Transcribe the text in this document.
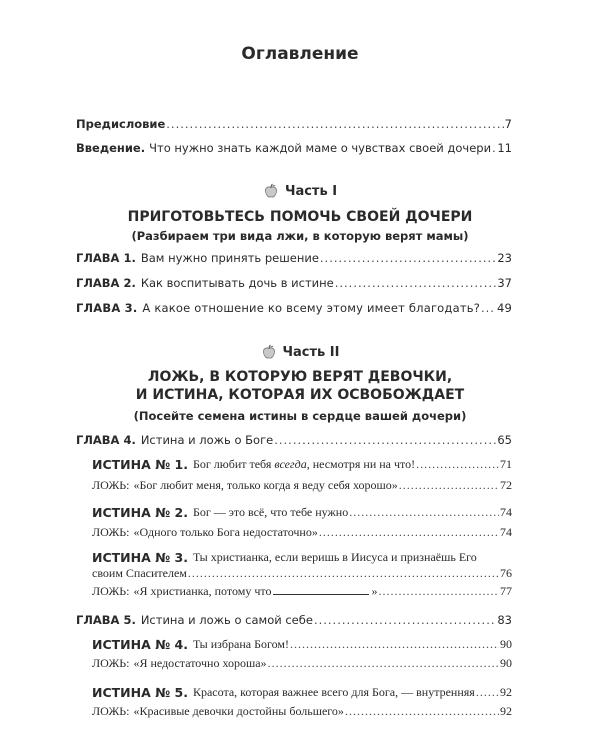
Оглавление
Предисловие .....	7
Введение. Что нужно знать каждой маме о чувствах своей дочери ..... 11
Часть I
ПРИГОТОВЬТЕСЬ ПОМОЧЬ СВОЕЙ ДОЧЕРИ
(Разбираем три вида лжи, в которую верят мамы)
ГЛАВА 1. Вам нужно принять решение .....	23
ГЛАВА 2. Как воспитывать дочь в истине .....	37
ГЛАВА 3. А какое отношение ко всему этому имеет благодать? ..... 49
Часть II
ЛОЖЬ, В КОТОРУЮ ВЕРЯТ ДЕВОЧКИ,
И ИСТИНА, КОТОРАЯ ИХ ОСВОБОЖДАЕТ
(Посейте семена истины в сердце вашей дочери)
ГЛАВА 4. Истина и ложь о Боге .....	65
ИСТИНА № 1. Бог любит тебя всегда, несмотря ни на что! .....	71
ЛОЖЬ: «Бог любит меня, только когда я веду себя хорошо» .....	72
ИСТИНА № 2. Бог — это всё, что тебе нужно .....	74
ЛОЖЬ: «Одного только Бога недостаточно» .....	74
ИСТИНА № 3. Ты христианка, если веришь в Иисуса и признаёшь Его
своим Спасителем .....	76
ЛОЖЬ: «Я христианка, потому что	» .....	77
ГЛАВА 5. Истина и ложь о самой себе .....	83
ИСТИНА № 4. Ты избрана Богом! .....	90
ЛОЖЬ: «Я недостаточно хороша» .....	90
ИСТИНА № 5. Красота, которая важнее всего для Бога, — внутренняя ..... 92
ЛОЖЬ: «Красивые девочки достойны большего» .....	92
